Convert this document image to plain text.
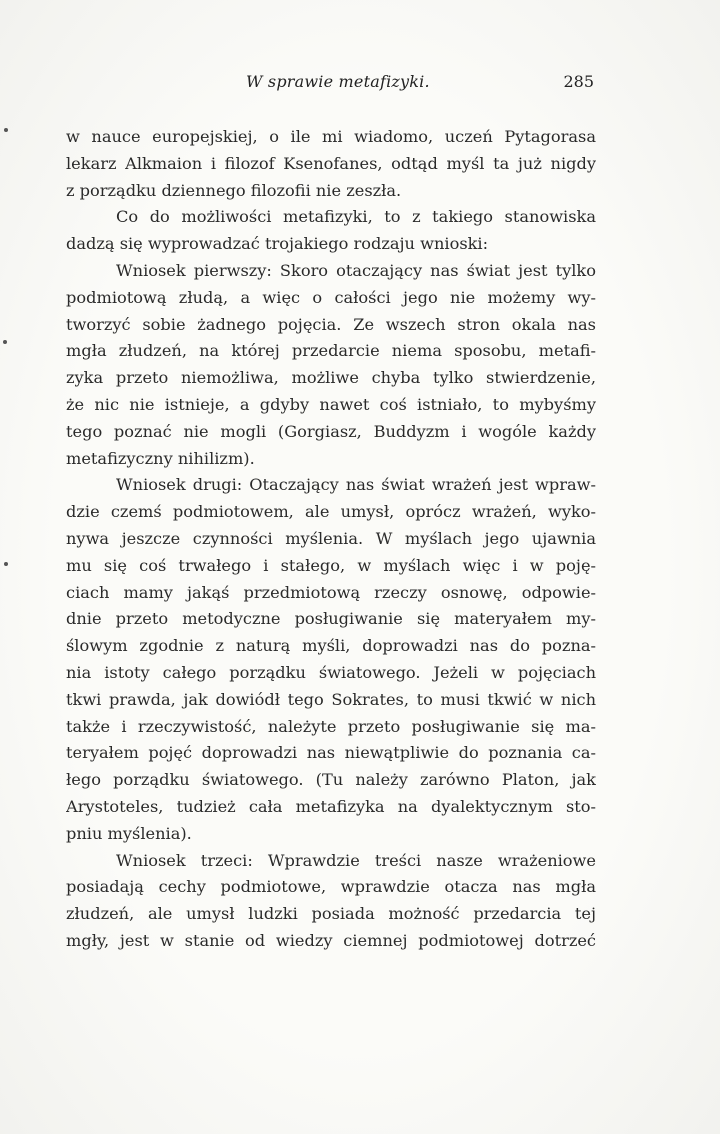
W sprawie metafizyki.	285
w nauce europejskiej, o ile mi wiadomo, uczeń Pytagorasa
lekarz Alkmaion i filozof Ksenofanes, odtąd myśl ta już nigdy
z porządku dziennego filozofii nie zeszła.
Co do możliwości metafizyki, to z takiego stanowiska
dadzą się wyprowadzać trojakiego rodzaju wnioski:
Wniosek pierwszy: Skoro otaczający nas świat jest tylko
podmiotową złudą, a więc o całości jego nie możemy wy-
tworzyć sobie żadnego pojęcia. Ze wszech stron okala nas
mgła złudzeń, na której przedarcie niema sposobu, metafi-
zyka przeto niemożliwa, możliwe chyba tylko stwierdzenie,
że nic nie istnieje, a gdyby nawet coś istniało, to mybyśmy
tego poznać nie mogli (Gorgiasz, Buddyzm i wogóle każdy
metafizyczny nihilizm).
Wniosek drugi: Otaczający nas świat wrażeń jest wpraw-
dzie czemś podmiotowem, ale umysł, oprócz wrażeń, wyko-
nywa jeszcze czynności myślenia. W myślach jego ujawnia
mu się coś trwałego i stałego, w myślach więc i w poję-
ciach mamy jakąś przedmiotową rzeczy osnowę, odpowie-
dnie przeto metodyczne posługiwanie się materyałem my-
ślowym zgodnie z naturą myśli, doprowadzi nas do pozna-
nia istoty całego porządku światowego. Jeżeli w pojęciach
tkwi prawda, jak dowiódł tego Sokrates, to musi tkwić w nich
także i rzeczywistość, należyte przeto posługiwanie się ma-
teryałem pojęć doprowadzi nas niewątpliwie do poznania ca-
łego porządku światowego. (Tu należy zarówno Platon, jak
Arystoteles, tudzież cała metafizyka na dyalektycznym sto-
pniu myślenia).
Wniosek trzeci: Wprawdzie treści nasze wrażeniowe
posiadają cechy podmiotowe, wprawdzie otacza nas mgła
złudzeń, ale umysł ludzki posiada możność przedarcia tej
mgły, jest w stanie od wiedzy ciemnej podmiotowej dotrzeć
